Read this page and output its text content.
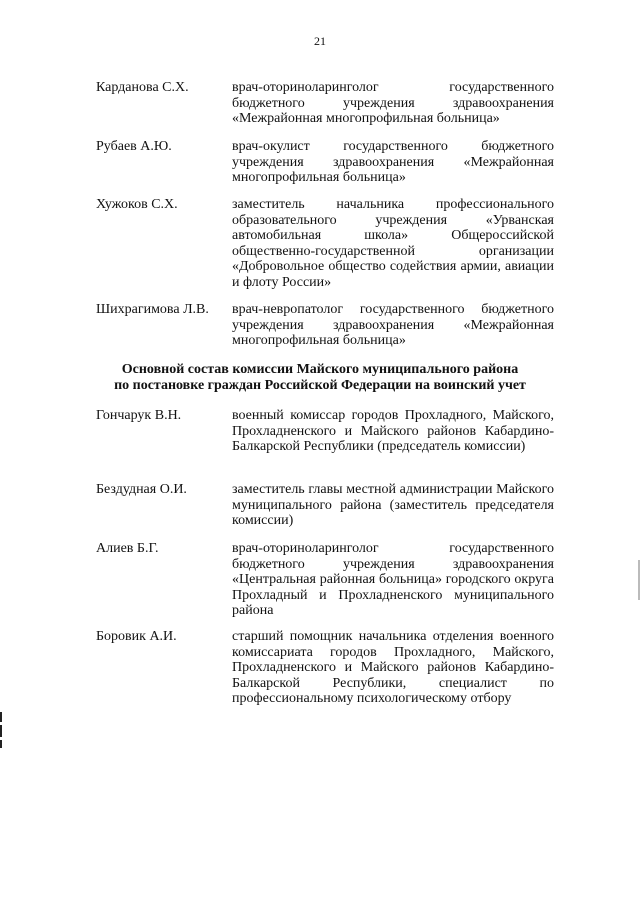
21
Карданова С.Х.	врач-оториноларинголог государственного бюджетного учреждения здравоохранения «Межрайонная многопрофильная больница»
Рубаев А.Ю.	врач-окулист государственного бюджетного учреждения здравоохранения «Межрайонная многопрофильная больница»
Хужоков С.Х.	заместитель начальника профессионального образовательного учреждения «Урванская автомобильная школа» Общероссийской общественно-государственной организации «Добровольное общество содействия армии, авиации и флоту России»
Шихрагимова Л.В. врач-невропатолог государственного бюджетного учреждения здравоохранения «Межрайонная многопрофильная больница»
Основной состав комиссии Майского муниципального района
по постановке граждан Российской Федерации на воинский учет
Гончарук В.Н.	военный комиссар городов Прохладного, Майского, Прохладненского и Майского районов Кабардино-Балкарской Республики (председатель комиссии)
Бездудная О.И.	заместитель главы местной администрации Майского муниципального района (заместитель председателя комиссии)
Алиев Б.Г.	врач-оториноларинголог государственного бюджетного учреждения здравоохранения «Центральная районная больница» городского округа Прохладный и Прохладненского муниципального района
Боровик А.И.	старший помощник начальника отделения военного комиссариата городов Прохладного, Майского, Прохладненского и Майского районов Кабардино-Балкарской Республики, специалист по профессиональному психологическому отбору
